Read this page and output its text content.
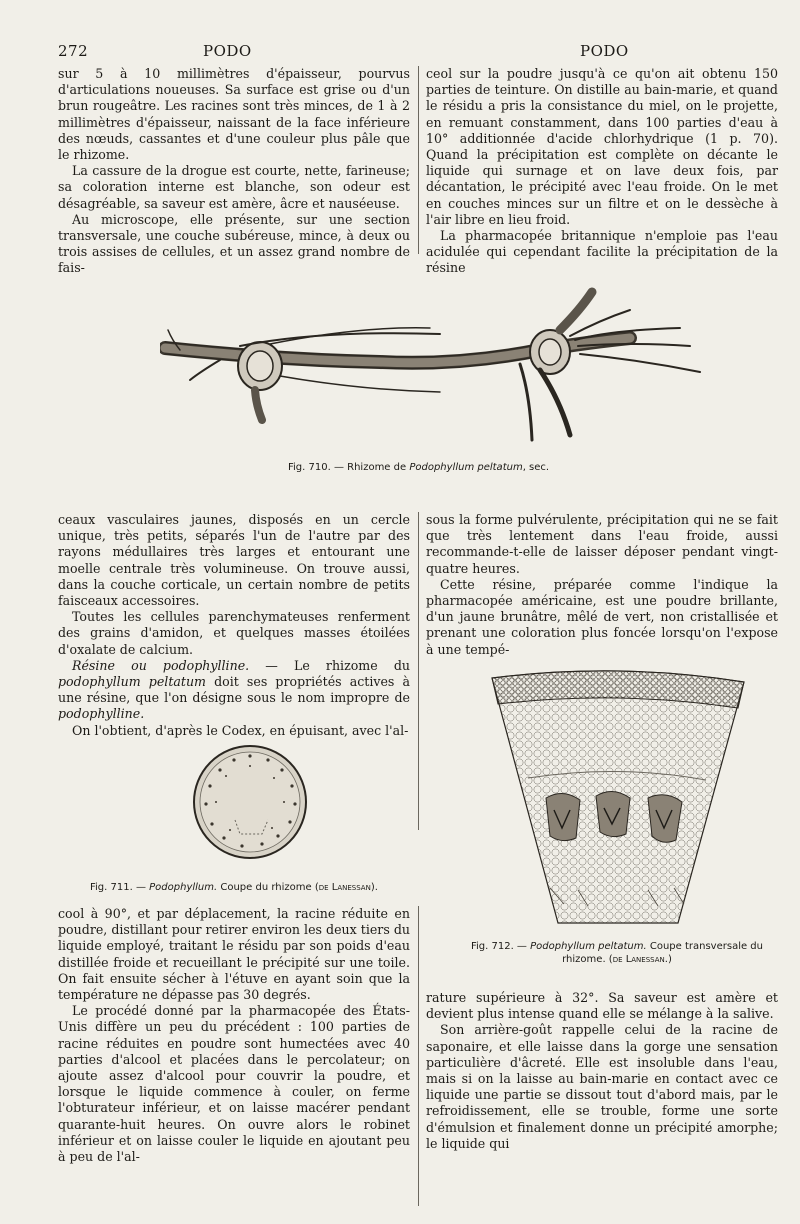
272	PODO	PODO

sur 5 à 10 millimètres d'épaisseur, pourvus d'articulations noueuses. Sa surface est grise ou d'un brun rougeâtre. Les racines sont très minces, de 1 à 2 millimètres d'épaisseur, naissant de la face inférieure des nœuds, cassantes et d'une couleur plus pâle que le rhizome.

La cassure de la drogue est courte, nette, farineuse; sa coloration interne est blanche, son odeur est désagréable, sa saveur est amère, âcre et nauséeuse.

Au microscope, elle présente, sur une section transversale, une couche subéreuse, mince, à deux ou trois assises de cellules, et un assez grand nombre de fais-

ceol sur la poudre jusqu'à ce qu'on ait obtenu 150 parties de teinture. On distille au bain-marie, et quand le résidu a pris la consistance du miel, on le projette, en remuant constamment, dans 100 parties d'eau à 10° additionnée d'acide chlorhydrique (1 p. 70). Quand la précipitation est complète on décante le liquide qui surnage et on lave deux fois, par décantation, le précipité avec l'eau froide. On le met en couches minces sur un filtre et on le dessèche à l'air libre en lieu froid.

La pharmacopée britannique n'emploie pas l'eau acidulée qui cependant facilite la précipitation de la résine

Fig. 710. — Rhizome de Podophyllum peltatum, sec.

ceaux vasculaires jaunes, disposés en un cercle unique, très petits, séparés l'un de l'autre par des rayons médullaires très larges et entourant une moelle centrale très volumineuse. On trouve aussi, dans la couche corticale, un certain nombre de petits faisceaux accessoires.

Toutes les cellules parenchymateuses renferment des grains d'amidon, et quelques masses étoilées d'oxalate de calcium.

Résine ou podophylline. — Le rhizome du podophyllum peltatum doit ses propriétés actives à une résine, que l'on désigne sous le nom impropre de podophylline.

On l'obtient, d'après le Codex, en épuisant, avec l'al-

Fig. 711. — Podophyllum. Coupe du rhizome (de Lanessan).

sous la forme pulvérulente, précipitation qui ne se fait que très lentement dans l'eau froide, aussi recommande-t-elle de laisser déposer pendant vingt-quatre heures.

Cette résine, préparée comme l'indique la pharmacopée américaine, est une poudre brillante, d'un jaune brunâtre, mêlé de vert, non cristallisée et prenant une coloration plus foncée lorsqu'on l'expose à une tempé-

Fig. 712. — Podophyllum peltatum. Coupe transversale du rhizome. (de Lanessan.)

cool à 90°, et par déplacement, la racine réduite en poudre, distillant pour retirer environ les deux tiers du liquide employé, traitant le résidu par son poids d'eau distillée froide et recueillant le précipité sur une toile. On fait ensuite sécher à l'étuve en ayant soin que la température ne dépasse pas 30 degrés.

Le procédé donné par la pharmacopée des États-Unis diffère un peu du précédent : 100 parties de racine réduites en poudre sont humectées avec 40 parties d'alcool et placées dans le percolateur; on ajoute assez d'alcool pour couvrir la poudre, et lorsque le liquide commence à couler, on ferme l'obturateur inférieur, et on laisse macérer pendant quarante-huit heures. On ouvre alors le robinet inférieur et on laisse couler le liquide en ajoutant peu à peu de l'al-

rature supérieure à 32°. Sa saveur est amère et devient plus intense quand elle se mélange à la salive.

Son arrière-goût rappelle celui de la racine de saponaire, et elle laisse dans la gorge une sensation particulière d'âcreté. Elle est insoluble dans l'eau, mais si on la laisse au bain-marie en contact avec ce liquide une partie se dissout tout d'abord mais, par le refroidissement, elle se trouble, forme une sorte d'émulsion et finalement donne un précipité amorphe; le liquide qui
